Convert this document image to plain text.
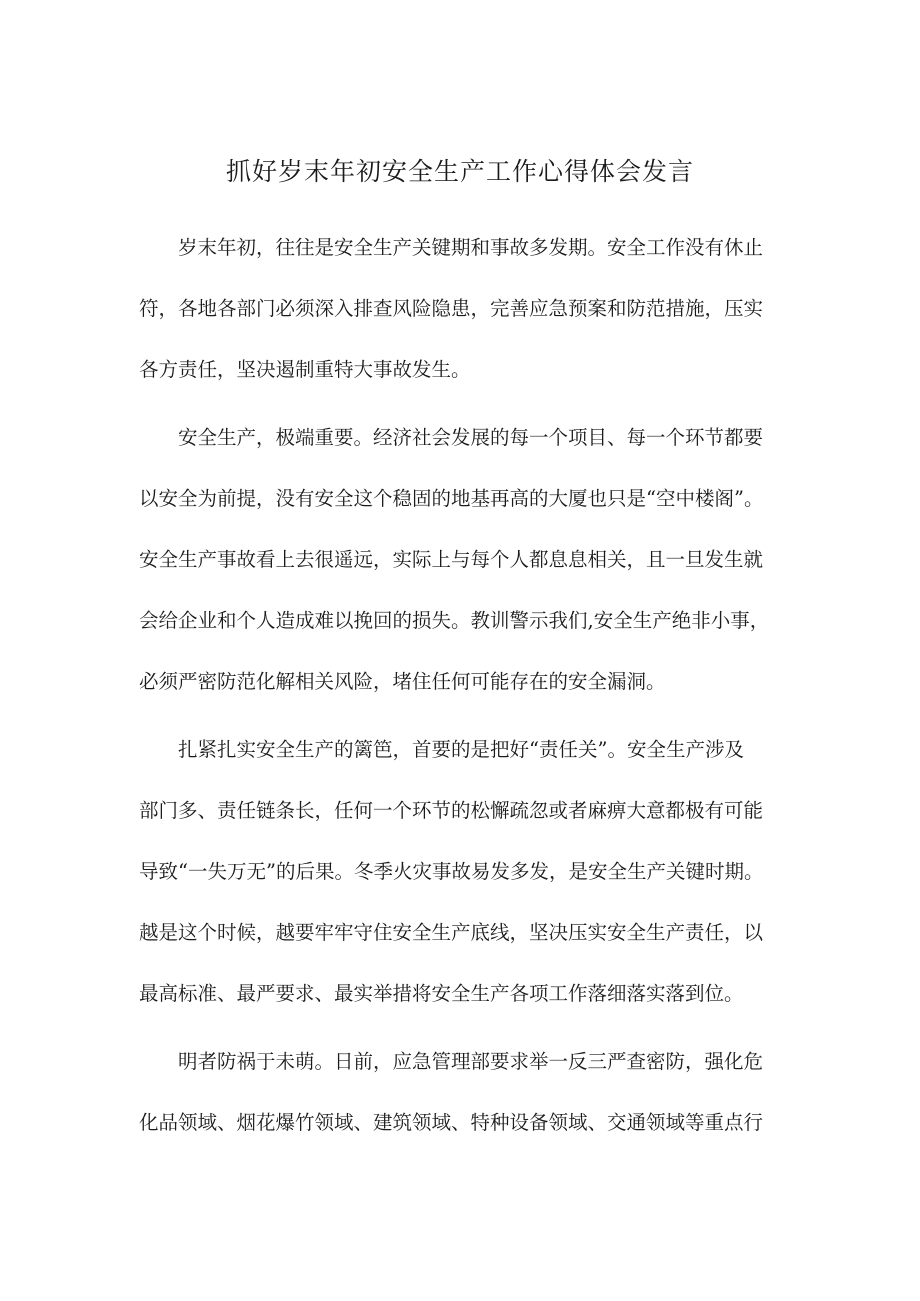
抓好岁末年初安全生产工作心得体会发言
岁末年初，往往是安全生产关键期和事故多发期。安全工作没有休止
符，各地各部门必须深入排查风险隐患，完善应急预案和防范措施，压实
各方责任，坚决遏制重特大事故发生。
安全生产，极端重要。经济社会发展的每一个项目、每一个环节都要
以安全为前提，没有安全这个稳固的地基再高的大厦也只是“空中楼阁”。
安全生产事故看上去很遥远，实际上与每个人都息息相关，且一旦发生就
会给企业和个人造成难以挽回的损失。教训警示我们,安全生产绝非小事，
必须严密防范化解相关风险，堵住任何可能存在的安全漏洞。
扎紧扎实安全生产的篱笆，首要的是把好“责任关”。安全生产涉及
部门多、责任链条长，任何一个环节的松懈疏忽或者麻痹大意都极有可能
导致“一失万无”的后果。冬季火灾事故易发多发，是安全生产关键时期。
越是这个时候，越要牢牢守住安全生产底线，坚决压实安全生产责任，以
最高标准、最严要求、最实举措将安全生产各项工作落细落实落到位。
明者防祸于未萌。日前，应急管理部要求举一反三严查密防，强化危
化品领域、烟花爆竹领域、建筑领域、特种设备领域、交通领域等重点行
